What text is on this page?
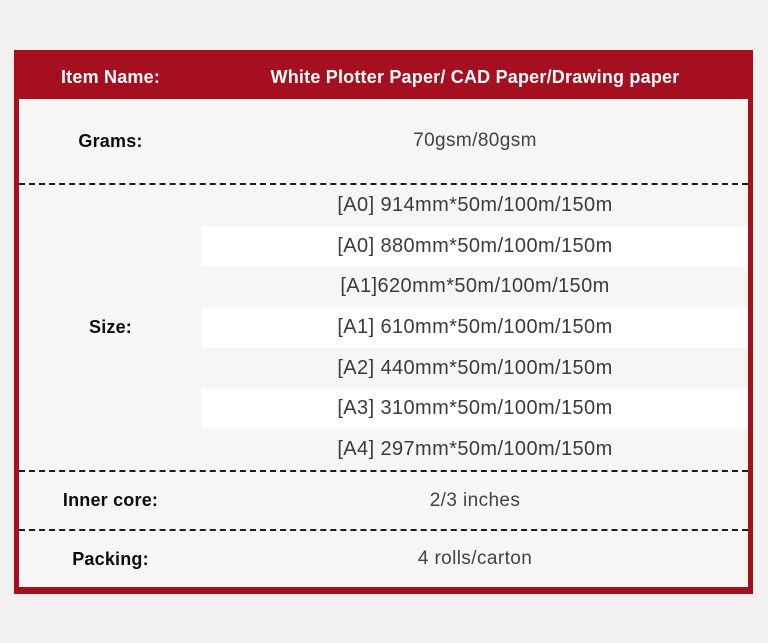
Item Name:	White Plotter Paper/ CAD Paper/Drawing paper
Grams:	70gsm/80gsm
Size:
[A0] 914mm*50m/100m/150m
[A0] 880mm*50m/100m/150m
[A1]620mm*50m/100m/150m
[A1] 610mm*50m/100m/150m
[A2] 440mm*50m/100m/150m
[A3] 310mm*50m/100m/150m
[A4] 297mm*50m/100m/150m
Inner core:	2/3 inches
Packing:	4 rolls/carton
